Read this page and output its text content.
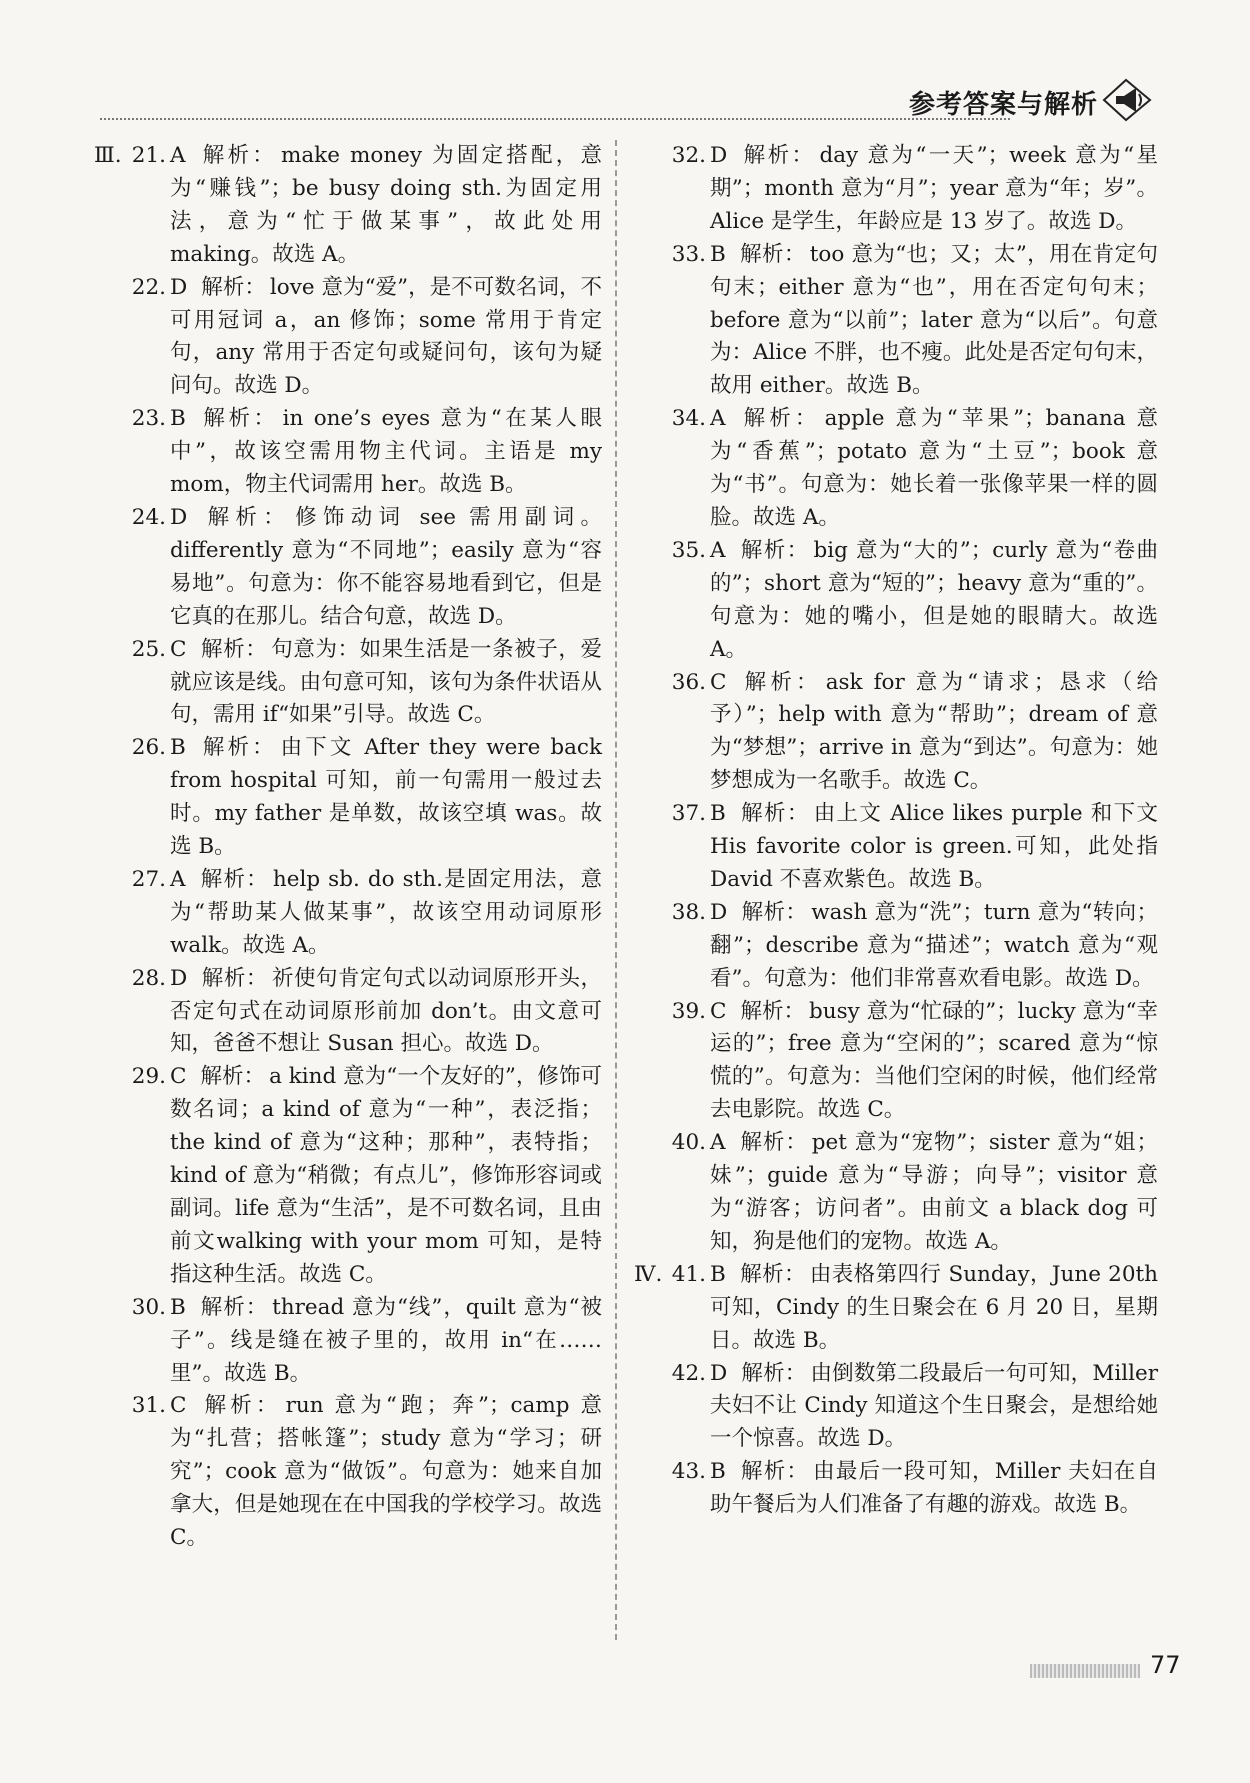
参考答案与解析
Ⅲ. 21. A 解析： make money 为固定搭配，意为“赚钱”；be busy doing sth.为固定用法，意为“忙于做某事”，故此处用 making。故选 A。
22. D 解析： love 意为“爱”，是不可数名词，不可用冠词 a，an 修饰；some 常用于肯定句，any 常用于否定句或疑问句，该句为疑问句。故选 D。
23. B 解析： in one’s eyes 意为“在某人眼中”，故该空需用物主代词。主语是 my mom，物主代词需用 her。故选 B。
24. D 解析： 修饰动词 see 需用副词。differently 意为“不同地”；easily 意为“容易地”。句意为：你不能容易地看到它，但是它真的在那儿。结合句意，故选 D。
25. C 解析： 句意为：如果生活是一条被子，爱就应该是线。由句意可知，该句为条件状语从句，需用 if“如果”引导。故选 C。
26. B 解析： 由下文 After they were back from hospital 可知，前一句需用一般过去时。my father 是单数，故该空填 was。故选 B。
27. A 解析： help sb. do sth.是固定用法，意为“帮助某人做某事”，故该空用动词原形 walk。故选 A。
28. D 解析： 祈使句肯定句式以动词原形开头，否定句式在动词原形前加 don’t。由文意可知，爸爸不想让 Susan 担心。故选 D。
29. C 解析： a kind 意为“一个友好的”，修饰可数名词；a kind of 意为“一种”，表泛指；the kind of 意为“这种；那种”，表特指；kind of 意为“稍微；有点儿”，修饰形容词或副词。life 意为“生活”，是不可数名词，且由前文walking with your mom 可知，是特指这种生活。故选 C。
30. B 解析： thread 意为“线”，quilt 意为“被子”。线是缝在被子里的，故用 in“在……里”。故选 B。
31. C 解析： run 意为“跑；奔”；camp 意为“扎营；搭帐篷”；study 意为“学习；研究”；cook 意为“做饭”。句意为：她来自加拿大，但是她现在在中国我的学校学习。故选 C。
32. D 解析： day 意为“一天”；week 意为“星期”；month 意为“月”；year 意为“年；岁”。Alice 是学生，年龄应是 13 岁了。故选 D。
33. B 解析： too 意为“也；又；太”，用在肯定句句末；either 意为“也”，用在否定句句末；before 意为“以前”；later 意为“以后”。句意为：Alice 不胖，也不瘦。此处是否定句句末，故用 either。故选 B。
34. A 解析： apple 意为“苹果”；banana 意为“香蕉”；potato 意为“土豆”；book 意为“书”。句意为：她长着一张像苹果一样的圆脸。故选 A。
35. A 解析： big 意为“大的”；curly 意为“卷曲的”；short 意为“短的”；heavy 意为“重的”。句意为：她的嘴小，但是她的眼睛大。故选 A。
36. C 解析： ask for 意为“请求；恳求（给予）”；help with 意为“帮助”；dream of 意为“梦想”；arrive in 意为“到达”。句意为：她梦想成为一名歌手。故选 C。
37. B 解析： 由上文 Alice likes purple 和下文 His favorite color is green.可知，此处指 David 不喜欢紫色。故选 B。
38. D 解析： wash 意为“洗”；turn 意为“转向；翻”；describe 意为“描述”；watch 意为“观看”。句意为：他们非常喜欢看电影。故选 D。
39. C 解析： busy 意为“忙碌的”；lucky 意为“幸运的”；free 意为“空闲的”；scared 意为“惊慌的”。句意为：当他们空闲的时候，他们经常去电影院。故选 C。
40. A 解析： pet 意为“宠物”；sister 意为“姐；妹”；guide 意为“导游；向导”；visitor 意为“游客；访问者”。由前文 a black dog 可知，狗是他们的宠物。故选 A。
Ⅳ. 41. B 解析： 由表格第四行 Sunday，June 20th 可知，Cindy 的生日聚会在 6 月 20 日，星期日。故选 B。
42. D 解析： 由倒数第二段最后一句可知，Miller 夫妇不让 Cindy 知道这个生日聚会，是想给她一个惊喜。故选 D。
43. B 解析： 由最后一段可知，Miller 夫妇在自助午餐后为人们准备了有趣的游戏。故选 B。
77
